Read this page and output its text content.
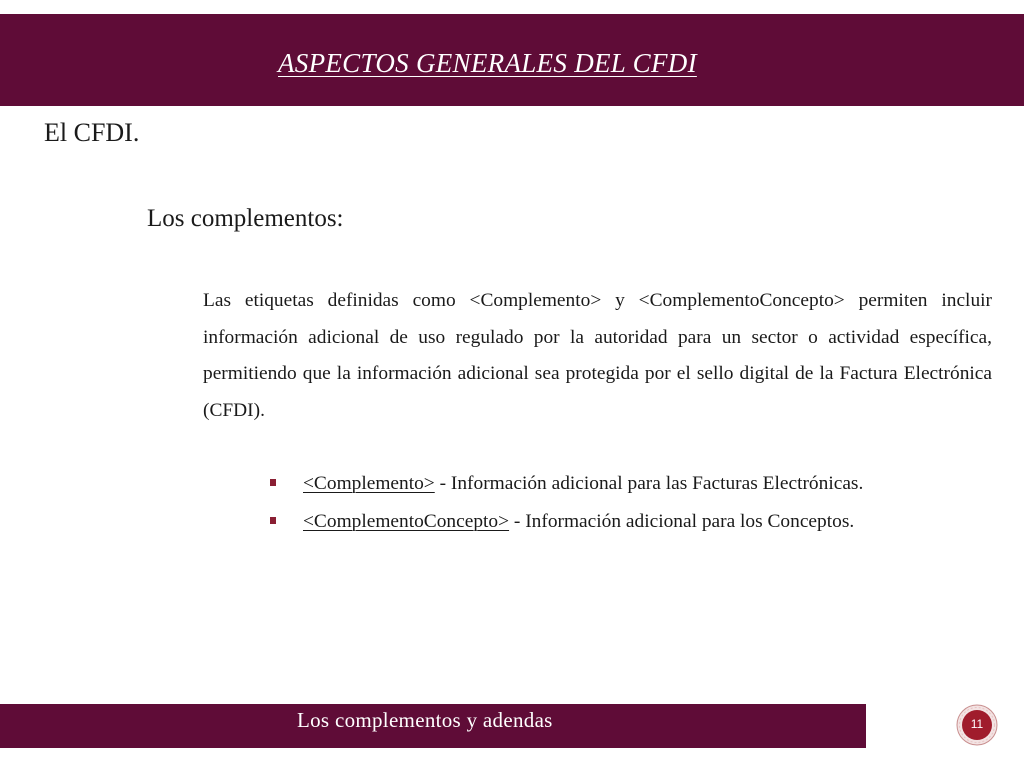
ASPECTOS GENERALES DEL CFDI
El CFDI.
Los complementos:
Las etiquetas definidas como <Complemento> y <ComplementoConcepto> permiten incluir información adicional de uso regulado por la autoridad para un sector o actividad específica, permitiendo que la información adicional sea protegida por el sello digital de la Factura Electrónica (CFDI).
<Complemento> - Información adicional para las Facturas Electrónicas.
<ComplementoConcepto> - Información adicional para los Conceptos.
Los complementos y adendas	11
